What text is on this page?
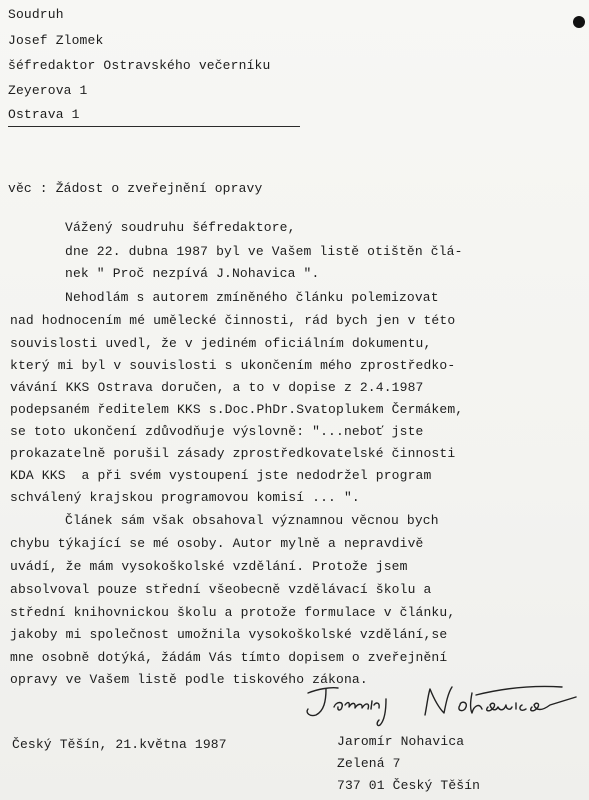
Soudruh
Josef Zlomek
šéfredaktor Ostravského večerníku
Zeyerova 1
Ostrava 1
věc : Žádost o zveřejnění opravy
Vážený soudruhu šéfredaktore,
dne 22. dubna 1987 byl ve Vašem listě otištěn člá-
nek " Proč nezpívá J.Nohavica ".
Nehodlám s autorem zmíněného článku polemizovat
nad hodnocením mé umělecké činnosti, rád bych jen v této
souvislosti uvedl, že v jediném oficiálním dokumentu,
který mi byl v souvislosti s ukončením mého zprostředko-
vávání KKS Ostrava doručen, a to v dopise z 2.4.1987
podepsaném ředitelem KKS s.Doc.PhDr.Svatoplukem Čermákem,
se toto ukončení zdůvodňuje výslovně: "...neboť jste
prokazatelně porušil zásady zprostředkovatelské činnosti
KDA KKS  a při svém vystoupení jste nedodržel program
schválený krajskou programovou komisí ... ".
Článek sám však obsahoval významnou věcnou bych
chybu týkající se mé osoby. Autor mylně a nepravdivě
uvádí, že mám vysokoškolské vzdělání. Protože jsem
absolvoval pouze střední všeobecně vzdělávací školu a
střední knihovnickou školu a protože formulace v článku,
jakoby mi společnost umožnila vysokoškolské vzdělání,se
mne osobně dotýká, žádám Vás tímto dopisem o zveřejnění
opravy ve Vašem listě podle tiskového zákona.
Český Těšín, 21.května 1987	Jaromír Nohavica
Zelená 7
737 01 Český Těšín
